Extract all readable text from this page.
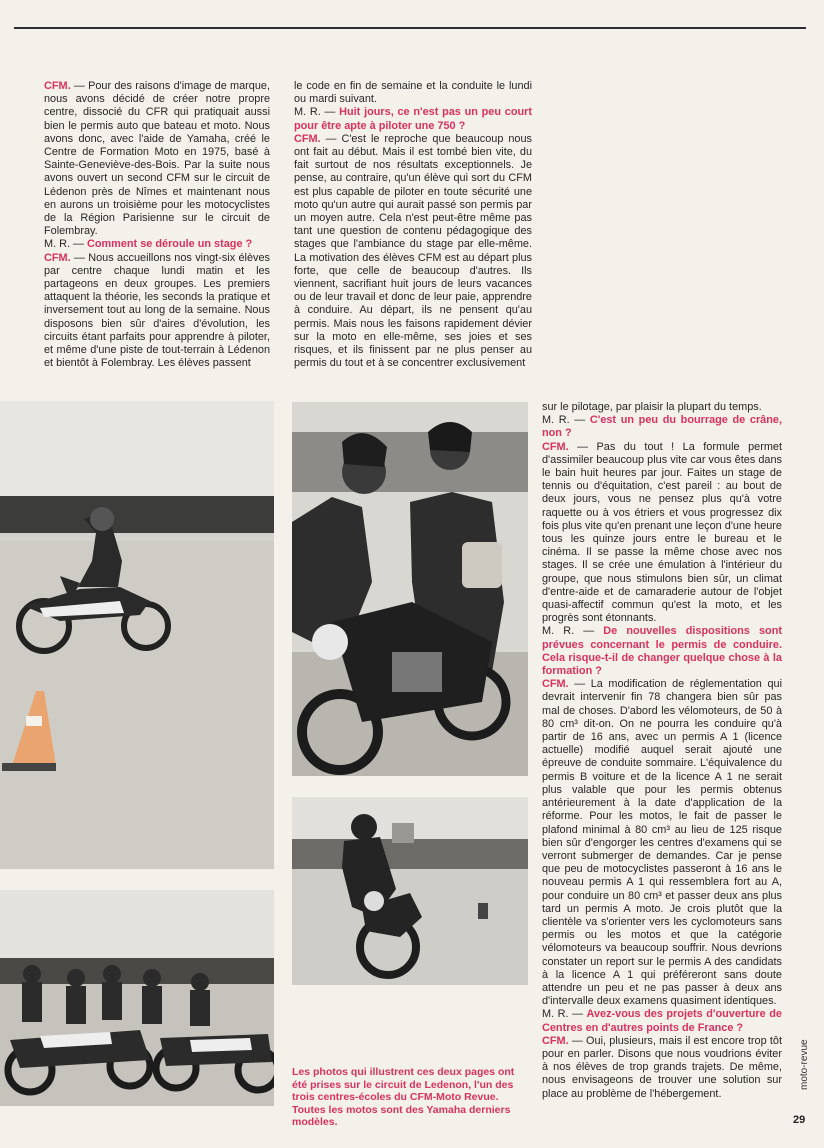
CFM. — Pour des raisons d'image de marque, nous avons décidé de créer notre propre centre, dissocié du CFR qui pratiquait aussi bien le permis auto que bateau et moto. Nous avons donc, avec l'aide de Yamaha, créé le Centre de Formation Moto en 1975, basé à Sainte-Geneviève-des-Bois. Par la suite nous avons ouvert un second CFM sur le circuit de Lédenon près de Nîmes et maintenant nous en aurons un troisième pour les motocyclistes de la Région Parisienne sur le circuit de Folembray.

M. R. — Comment se déroule un stage ?

CFM. — Nous accueillons nos vingt-six élèves par centre chaque lundi matin et les partageons en deux groupes. Les premiers attaquent la théorie, les seconds la pratique et inversement tout au long de la semaine. Nous disposons bien sûr d'aires d'évolution, les circuits étant parfaits pour apprendre à piloter, et même d'une piste de tout-terrain à Lédenon et bientôt à Folembray. Les élèves passent

le code en fin de semaine et la conduite le lundi ou mardi suivant.

M. R. — Huit jours, ce n'est pas un peu court pour être apte à piloter une 750 ?

CFM. — C'est le reproche que beaucoup nous ont fait au début. Mais il est tombé bien vite, du fait surtout de nos résultats exceptionnels. Je pense, au contraire, qu'un élève qui sort du CFM est plus capable de piloter en toute sécurité une moto qu'un autre qui aurait passé son permis par un moyen autre. Cela n'est peut-être même pas tant une question de contenu pédagogique des stages que l'ambiance du stage par elle-même. La motivation des élèves CFM est au départ plus forte, que celle de beaucoup d'autres. Ils viennent, sacrifiant huit jours de leurs vacances ou de leur travail et donc de leur paie, apprendre à conduire. Au départ, ils ne pensent qu'au permis. Mais nous les faisons rapidement dévier sur la moto en elle-même, ses joies et ses risques, et ils finissent par ne plus penser au permis du tout et à se concentrer exclusivement

sur le pilotage, par plaisir la plupart du temps.

M. R. — C'est un peu du bourrage de crâne, non ?

CFM. — Pas du tout ! La formule permet d'assimiler beaucoup plus vite car vous êtes dans le bain huit heures par jour. Faites un stage de tennis ou d'équitation, c'est pareil : au bout de deux jours, vous ne pensez plus qu'à votre raquette ou à vos étriers et vous progressez dix fois plus vite qu'en prenant une leçon d'une heure tous les quinze jours entre le bureau et le cinéma. Il se passe la même chose avec nos stages. Il se crée une émulation à l'intérieur du groupe, que nous stimulons bien sûr, un climat d'entre-aide et de camaraderie autour de l'objet quasi-affectif commun qu'est la moto, et les progrès sont étonnants.

M. R. — De nouvelles dispositions sont prévues concernant le permis de conduire. Cela risque-t-il de changer quelque chose à la formation ?

CFM. — La modification de réglementation qui devrait intervenir fin 78 changera bien sûr pas mal de choses. D'abord les vélomoteurs, de 50 à 80 cm³ dit-on. On ne pourra les conduire qu'à partir de 16 ans, avec un permis A 1 (licence actuelle) modifié auquel serait ajouté une épreuve de conduite sommaire. L'équivalence du permis B voiture et de la licence A 1 ne serait plus valable que pour les permis obtenus antérieurement à la date d'application de la réforme. Pour les motos, le fait de passer le plafond minimal à 80 cm³ au lieu de 125 risque bien sûr d'engorger les centres d'examens qui se verront submerger de demandes. Car je pense que peu de motocyclistes passeront à 16 ans le nouveau permis A 1 qui ressemblera fort au A, pour conduire un 80 cm³ et passer deux ans plus tard un permis A moto. Je crois plutôt que la clientèle va s'orienter vers les cyclomoteurs sans permis ou les motos et que la catégorie vélomoteurs va beaucoup souffrir. Nous devrions constater un report sur le permis A des candidats à la licence A 1 qui préféreront sans doute attendre un peu et ne pas passer à deux ans d'intervalle deux examens quasiment identiques.

M. R. — Avez-vous des projets d'ouverture de Centres en d'autres points de France ?

CFM. — Oui, plusieurs, mais il est encore trop tôt pour en parler. Disons que nous voudrions éviter à nos élèves de trop grands trajets. De même, nous envisageons de trouver une solution sur place au problème de l'hébergement.

Les photos qui illustrent ces deux pages ont été prises sur le circuit de Ledenon, l'un des trois centres-écoles du CFM-Moto Revue. Toutes les motos sont des Yamaha derniers modèles.
moto-revue
29
